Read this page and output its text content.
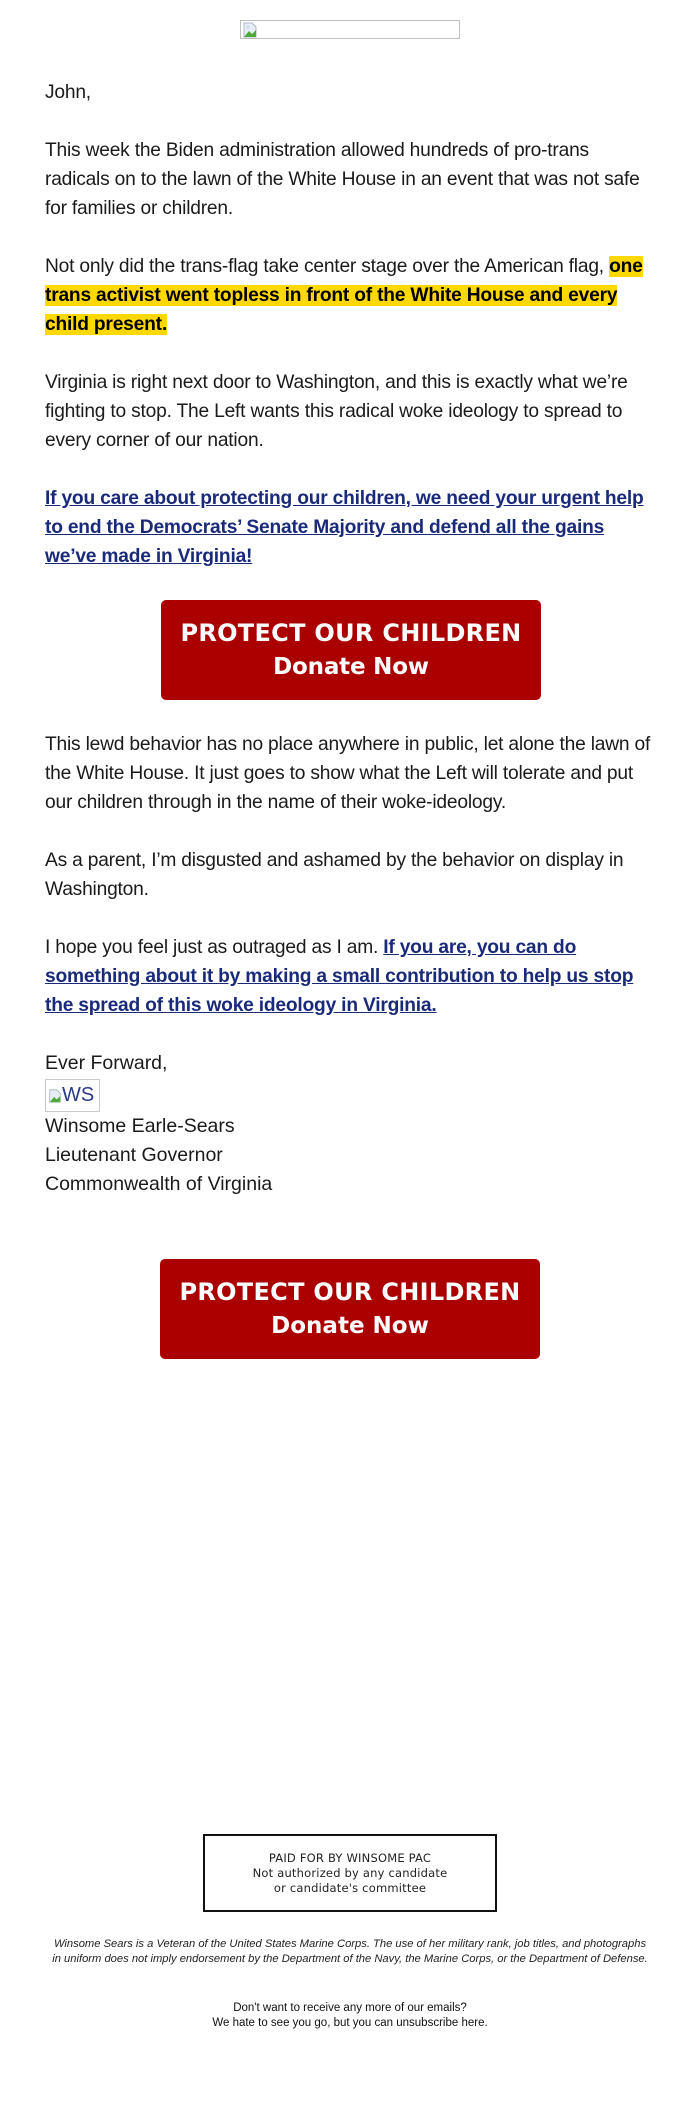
John,

This week the Biden administration allowed hundreds of pro-trans radicals on to the lawn of the White House in an event that was not safe for families or children.

Not only did the trans-flag take center stage over the American flag, one trans activist went topless in front of the White House and every child present.

Virginia is right next door to Washington, and this is exactly what we’re fighting to stop. The Left wants this radical woke ideology to spread to every corner of our nation.

If you care about protecting our children, we need your urgent help to end the Democrats’ Senate Majority and defend all the gains we’ve made in Virginia!

PROTECT OUR CHILDREN
Donate Now

This lewd behavior has no place anywhere in public, let alone the lawn of the White House. It just goes to show what the Left will tolerate and put our children through in the name of their woke-ideology.

As a parent, I’m disgusted and ashamed by the behavior on display in Washington.

I hope you feel just as outraged as I am. If you are, you can do something about it by making a small contribution to help us stop the spread of this woke ideology in Virginia.

Ever Forward,
WS
Winsome Earle-Sears
Lieutenant Governor
Commonwealth of Virginia
PROTECT OUR CHILDREN
Donate Now
PAID FOR BY WINSOME PAC
Not authorized by any candidate
or candidate's committee
Winsome Sears is a Veteran of the United States Marine Corps. The use of her military rank, job titles, and photographs in uniform does not imply endorsement by the Department of the Navy, the Marine Corps, or the Department of Defense.
Don't want to receive any more of our emails?
We hate to see you go, but you can unsubscribe here.
